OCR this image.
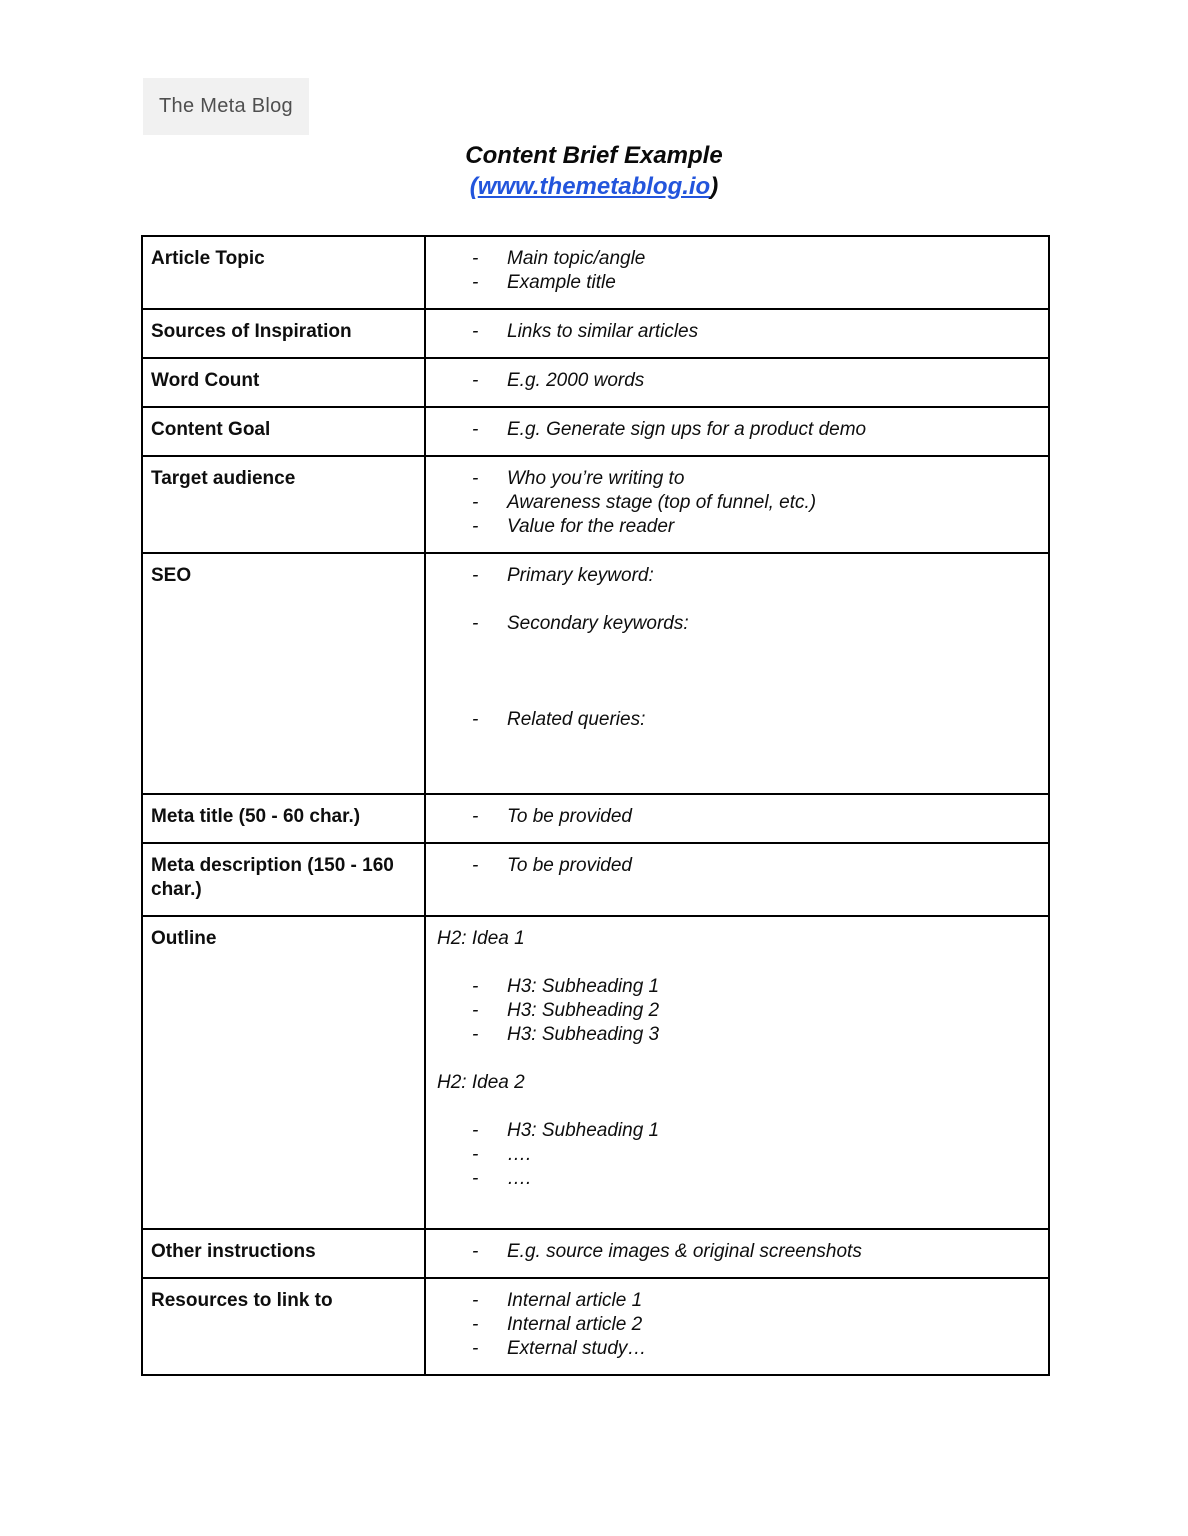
The Meta Blog
Content Brief Example
(www.themetablog.io)
Article Topic	- Main topic/angle
- Example title

Sources of Inspiration	- Links to similar articles

Word Count	- E.g. 2000 words

Content Goal	- E.g. Generate sign ups for a product demo

Target audience	-	Who you’re writing to
-	Awareness stage (top of funnel, etc.)
-	Value for the reader

SEO	-	Primary keyword:
-	Secondary keywords:
-	Related queries:

Meta title (50 - 60 char.)	- To be provided

Meta description (150 - 160 char.)	- To be provided

Outline	H2: Idea 1
-	H3: Subheading 1
-	H3: Subheading 2
-	H3: Subheading 3
H2: Idea 2
-	H3: Subheading 1
-	….
-	….

Other instructions	- E.g. source images & original screenshots

Resources to link to	-	Internal article 1
-	Internal article 2
-	External study…
